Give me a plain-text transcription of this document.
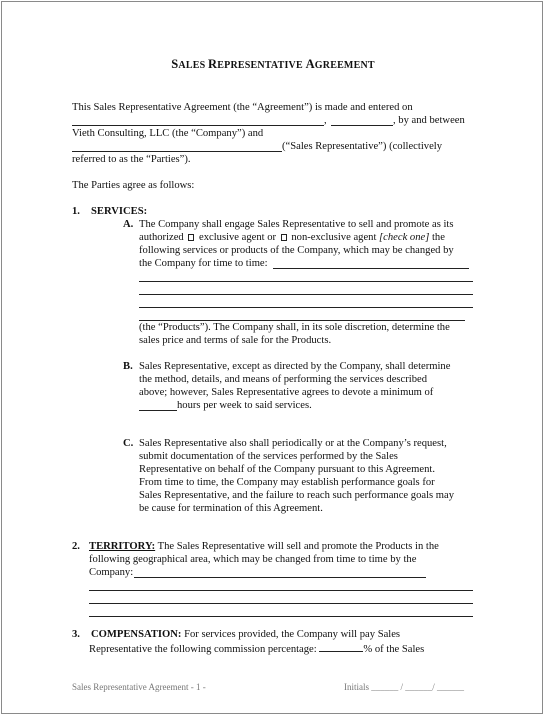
SALES REPRESENTATIVE AGREEMENT
This Sales Representative Agreement (the “Agreement”) is made and entered on
,	, by and between
Vieth Consulting, LLC (the “Company”) and
(“Sales Representative”) (collectively
referred to as the “Parties”).
The Parties agree as follows:
1. SERVICES:
A. The Company shall engage Sales Representative to sell and promote as its
authorized  exclusive agent or  non-exclusive agent [check one] the
following services or products of the Company, which may be changed by
the Company for time to time:
(the “Products”). The Company shall, in its sole discretion, determine the
sales price and terms of sale for the Products.
B. Sales Representative, except as directed by the Company, shall determine
the method, details, and means of performing the services described
above; however, Sales Representative agrees to devote a minimum of
hours per week to said services.
C. Sales Representative also shall periodically or at the Company’s request,
submit documentation of the services performed by the Sales
Representative on behalf of the Company pursuant to this Agreement.
From time to time, the Company may establish performance goals for
Sales Representative, and the failure to reach such performance goals may
be cause for termination of this Agreement.
2. TERRITORY: The Sales Representative will sell and promote the Products in the
following geographical area, which may be changed from time to time by the
Company:
3. COMPENSATION: For services provided, the Company will pay Sales
Representative the following commission percentage:	% of the Sales
Sales Representative Agreement - 1 -	Initials ______ / ______/ ______
